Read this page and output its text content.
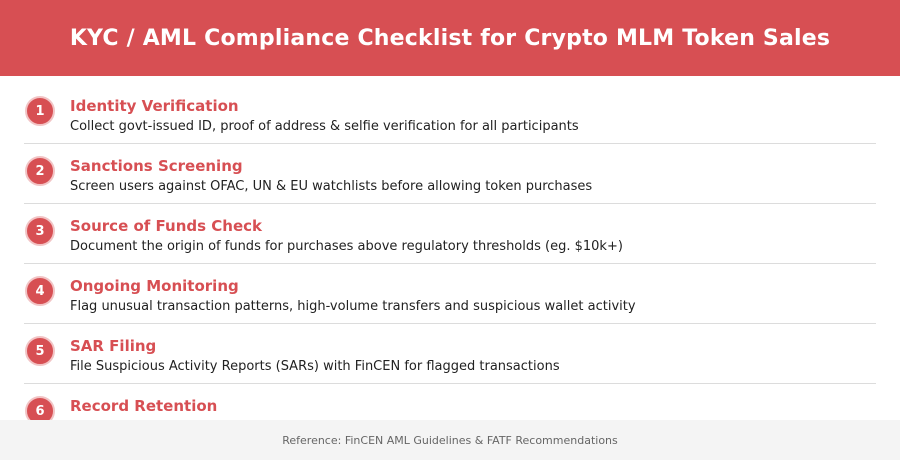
KYC / AML Compliance Checklist for Crypto MLM Token Sales
1	Identity Verification
Collect govt-issued ID, proof of address & selfie verification for all participants
2	Sanctions Screening
Screen users against OFAC, UN & EU watchlists before allowing token purchases
3	Source of Funds Check
Document the origin of funds for purchases above regulatory thresholds (eg. $10k+)
4	Ongoing Monitoring
Flag unusual transaction patterns, high-volume transfers and suspicious wallet activity
5	SAR Filing
File Suspicious Activity Reports (SARs) with FinCEN for flagged transactions
6	Record Retention
Reference: FinCEN AML Guidelines & FATF Recommendations
